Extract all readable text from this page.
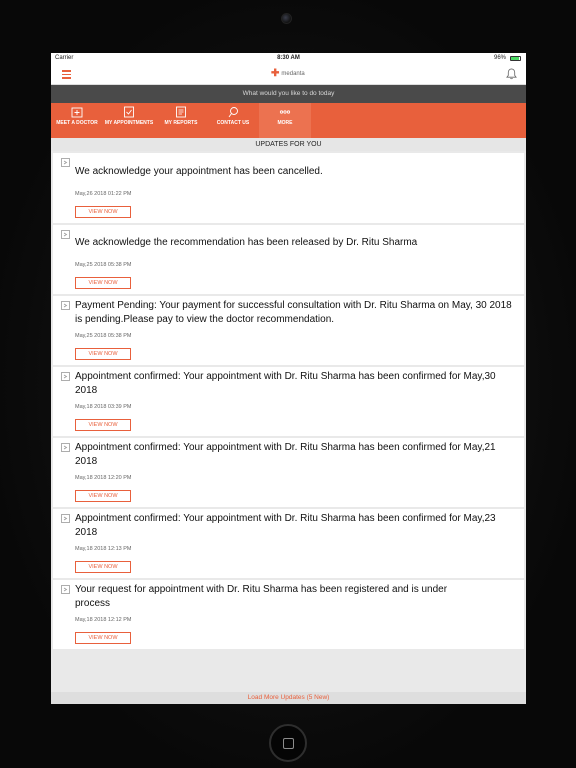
Carrier	8:30 AM	96%
✚ medanta
What would you like to do today
MEET A DOCTOR	MY APPOINTMENTS	MY REPORTS	CONTACT US	MORE
UPDATES FOR YOU
We acknowledge your appointment has been cancelled.
May,26 2018 01:22 PM
VIEW NOW
We acknowledge the recommendation has been released by Dr. Ritu Sharma
May,25 2018 05:38 PM
VIEW NOW
Payment Pending: Your payment for successful consultation with Dr. Ritu Sharma on May, 30 2018 is pending.Please pay to view the doctor recommendation.
May,25 2018 05:38 PM
VIEW NOW
Appointment confirmed: Your appointment with Dr. Ritu Sharma has been confirmed for May,30 2018
May,18 2018 03:39 PM
VIEW NOW
Appointment confirmed: Your appointment with Dr. Ritu Sharma has been confirmed for May,21 2018
May,18 2018 12:20 PM
VIEW NOW
Appointment confirmed: Your appointment with Dr. Ritu Sharma has been confirmed for May,23 2018
May,18 2018 12:13 PM
VIEW NOW
Your request for appointment with Dr. Ritu Sharma has been registered and is under process
May,18 2018 12:12 PM
VIEW NOW
Load More Updates (5 New)
